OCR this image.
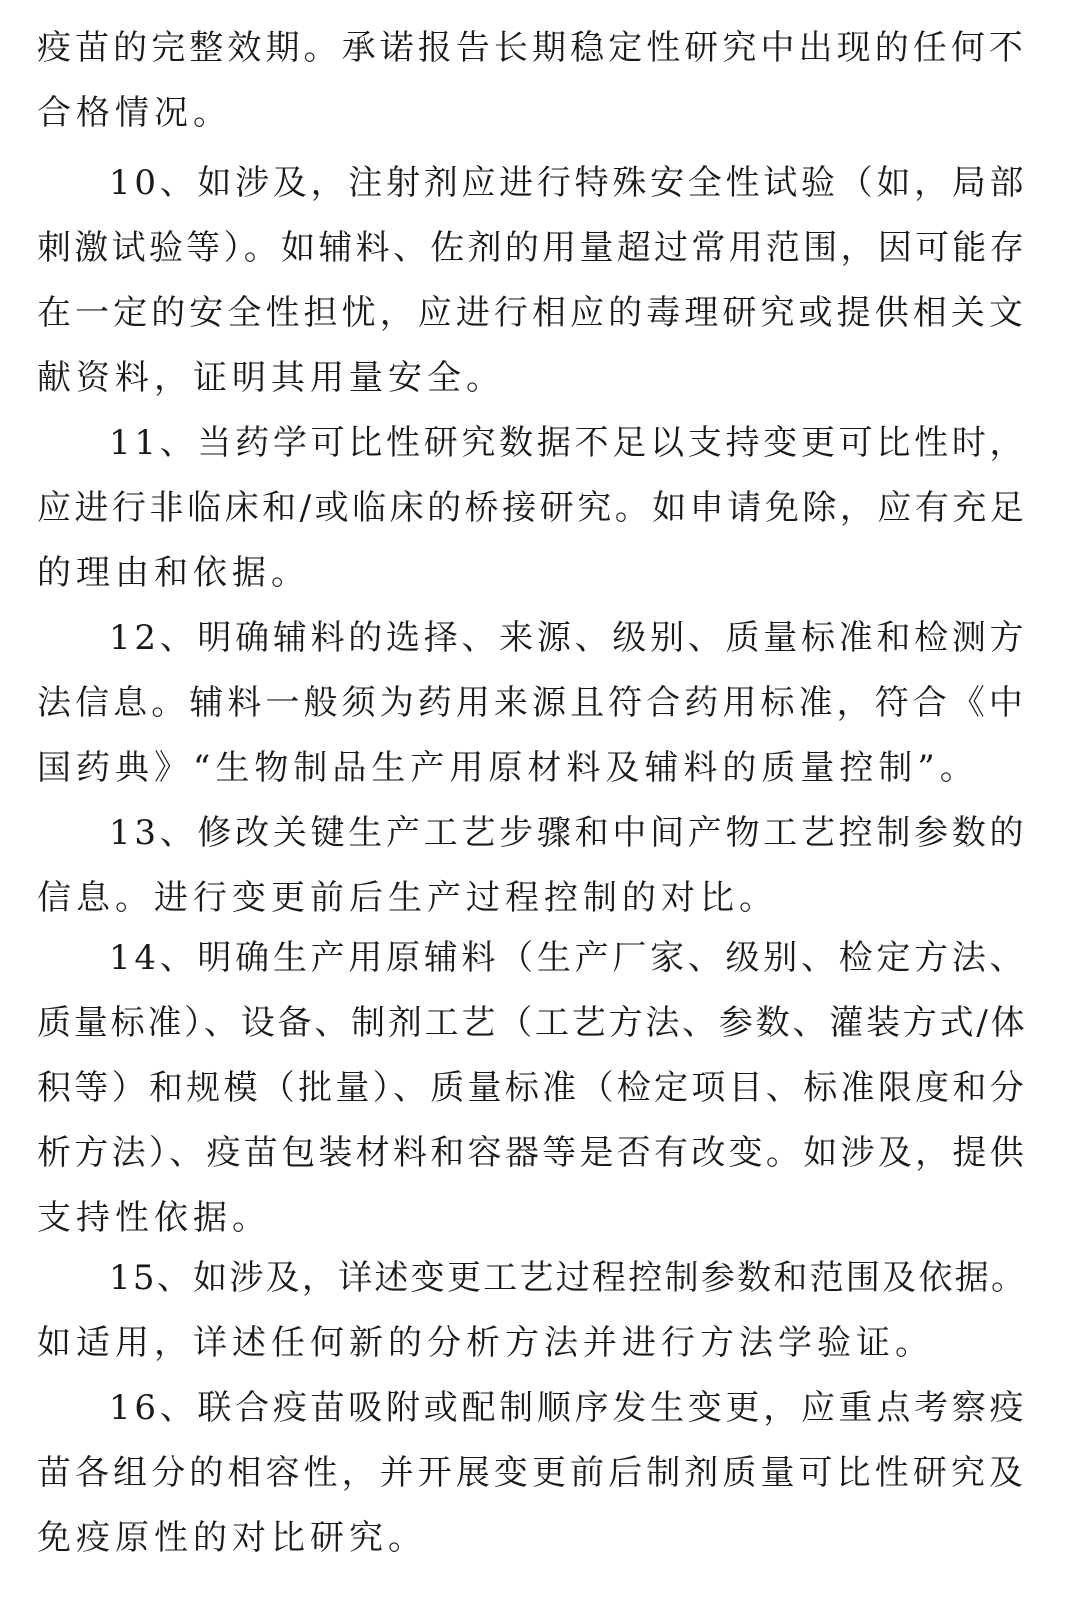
疫苗的完整效期。承诺报告长期稳定性研究中出现的任何不
合格情况。

10、如涉及，注射剂应进行特殊安全性试验（如，局部
刺激试验等）。如辅料、佐剂的用量超过常用范围，因可能存
在一定的安全性担忧，应进行相应的毒理研究或提供相关文
献资料，证明其用量安全。

11、当药学可比性研究数据不足以支持变更可比性时，
应进行非临床和/或临床的桥接研究。如申请免除，应有充足
的理由和依据。

12、明确辅料的选择、来源、级别、质量标准和检测方
法信息。辅料一般须为药用来源且符合药用标准，符合《中
国药典》“生物制品生产用原材料及辅料的质量控制”。

13、修改关键生产工艺步骤和中间产物工艺控制参数的
信息。进行变更前后生产过程控制的对比。

14、明确生产用原辅料（生产厂家、级别、检定方法、
质量标准）、设备、制剂工艺（工艺方法、参数、灌装方式/体
积等）和规模（批量）、质量标准（检定项目、标准限度和分
析方法）、疫苗包装材料和容器等是否有改变。如涉及，提供
支持性依据。

15、如涉及，详述变更工艺过程控制参数和范围及依据。
如适用，详述任何新的分析方法并进行方法学验证。

16、联合疫苗吸附或配制顺序发生变更，应重点考察疫
苗各组分的相容性，并开展变更前后制剂质量可比性研究及
免疫原性的对比研究。
